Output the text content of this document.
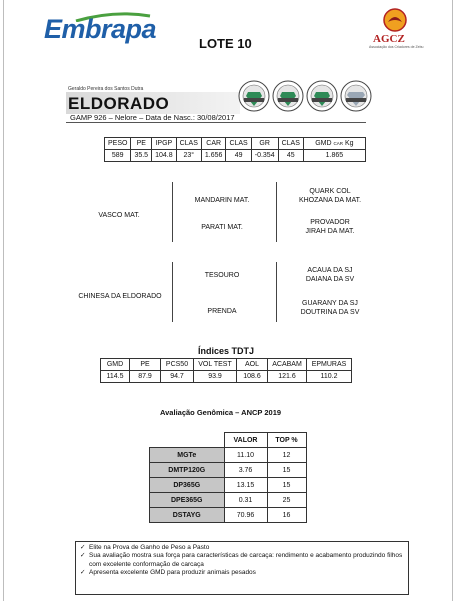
Embrapa	AGCZ
Associação dos Criadores de Zebu
LOTE 10
Geraldo Pereira dos Santos Dutra
ELDORADO
GAMP 926 – Nelore – Data de Nasc.: 30/08/2017
PESO	PE	IPGP	CLAS	CAR	CLAS	GR	CLAS	GMD CAR Kg
589	35.5	104.8	23°	1.656	49	-0.354	45	1.865
VASCO MAT.
MANDARIN MAT.
PARATI MAT.
QUARK COL
KHOZANA DA MAT.
PROVADOR
JIRAH DA MAT.
CHINESA DA ELDORADO
TESOURO
PRENDA
ACAUA DA SJ
DAIANA DA SV
GUARANY DA SJ
DOUTRINA DA SV
Índices TDTJ
GMD	PE	PCS50	VOL TEST	AOL	ACABAM	EPMURAS
114.5	87.9	94.7	93.9	108.6	121.6	110.2
Avaliação Genômica – ANCP 2019
	VALOR	TOP %
MGTe	11.10	12
DMTP120G	3.76	15
DP365G	13.15	15
DPE365G	0.31	25
DSTAYG	70.96	16
✓ Elite na Prova de Ganho de Peso a Pasto
✓ Sua avaliação mostra sua força para características de carcaça: rendimento e acabamento produzindo filhos com excelente conformação de carcaça
✓ Apresenta excelente GMD para produzir animais pesados
